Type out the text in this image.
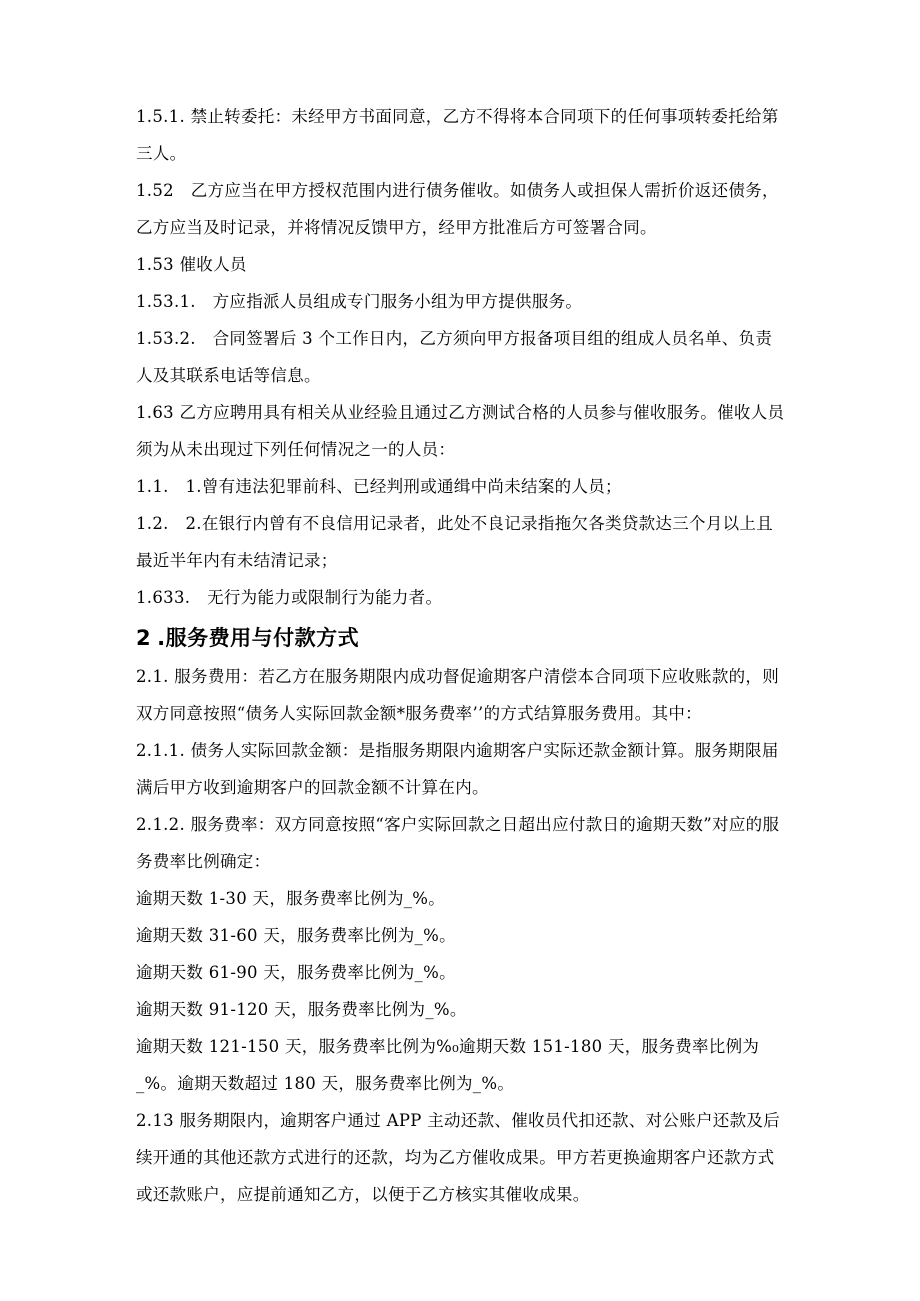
1.5.1. 禁止转委托：未经甲方书面同意，乙方不得将本合同项下的任何事项转委托给第三人。

1.52　乙方应当在甲方授权范围内进行债务催收。如债务人或担保人需折价返还债务，乙方应当及时记录，并将情况反馈甲方，经甲方批准后方可签署合同。

1.53 催收人员

1.53.1.　方应指派人员组成专门服务小组为甲方提供服务。

1.53.2.　合同签署后 3 个工作日内，乙方须向甲方报备项目组的组成人员名单、负责人及其联系电话等信息。

1.63 乙方应聘用具有相关从业经验且通过乙方测试合格的人员参与催收服务。催收人员须为从未出现过下列任何情况之一的人员：

1.1.　1.曾有违法犯罪前科、已经判刑或通缉中尚未结案的人员；

1.2.　2.在银行内曾有不良信用记录者，此处不良记录指拖欠各类贷款达三个月以上且最近半年内有未结清记录；

1.633.　无行为能力或限制行为能力者。

2 .服务费用与付款方式

2.1. 服务费用：若乙方在服务期限内成功督促逾期客户清偿本合同项下应收账款的，则双方同意按照“债务人实际回款金额*服务费率’’的方式结算服务费用。其中：

2.1.1. 债务人实际回款金额：是指服务期限内逾期客户实际还款金额计算。服务期限届满后甲方收到逾期客户的回款金额不计算在内。

2.1.2. 服务费率：双方同意按照“客户实际回款之日超出应付款日的逾期天数”对应的服务费率比例确定：

逾期天数 1-30 天，服务费率比例为_%。

逾期天数 31-60 天，服务费率比例为_%。

逾期天数 61-90 天，服务费率比例为_%。

逾期天数 91-120 天，服务费率比例为_%。

逾期天数 121-150 天，服务费率比例为%₀逾期天数 151-180 天，服务费率比例为_%。逾期天数超过 180 天，服务费率比例为_%。

2.13 服务期限内，逾期客户通过 APP 主动还款、催收员代扣还款、对公账户还款及后续开通的其他还款方式进行的还款，均为乙方催收成果。甲方若更换逾期客户还款方式或还款账户，应提前通知乙方，以便于乙方核实其催收成果。
